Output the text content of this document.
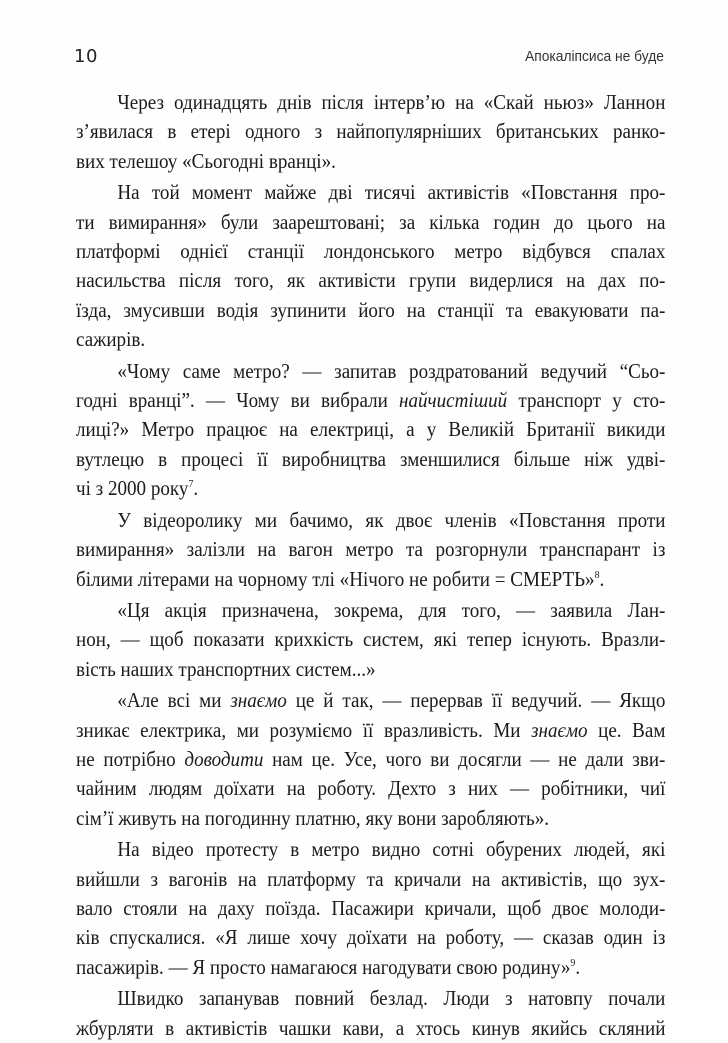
10	Апокаліпсиса не буде

Через одинадцять днів після інтерв’ю на «Скай ньюз» Ланнон
з’явилася в етері одного з найпопулярніших британських ранко-
вих телешоу «Сьогодні вранці».

На той момент майже дві тисячі активістів «Повстання про-
ти вимирання» були заарештовані; за кілька годин до цього на
платформі однієї станції лондонського метро відбувся спалах
насильства після того, як активісти групи видерлися на дах по-
їзда, змусивши водія зупинити його на станції та евакуювати па-
сажирів.

«Чому саме метро? — запитав роздратований ведучий “Сьо-
годні вранці”. — Чому ви вибрали найчистіший транспорт у сто-
лиці?» Метро працює на електриці, а у Великій Британії викиди
вутлецю в процесі її виробництва зменшилися більше ніж удві-
чі з 2000 року$^7$.

У відеоролику ми бачимо, як двоє членів «Повстання проти
вимирання» залізли на вагон метро та розгорнули транспарант із
білими літерами на чорному тлі «Нічого не робити = СМЕРТЬ»$^8$.

«Ця акція призначена, зокрема, для того, — заявила Лан-
нон, — щоб показати крихкість систем, які тепер існують. Вразли-
вість наших транспортних систем...»

«Але всі ми знаємо це й так, — перервав її ведучий. — Якщо
зникає електрика, ми розуміємо її вразливість. Ми знаємо це. Вам
не потрібно доводити нам це. Усе, чого ви досягли — не дали зви-
чайним людям доїхати на роботу. Дехто з них — робітники, чиї
сім’ї живуть на погодинну платню, яку вони заробляють».

На відео протесту в метро видно сотні обурених людей, які
вийшли з вагонів на платформу та кричали на активістів, що зух-
вало стояли на даху поїзда. Пасажири кричали, щоб двоє молоди-
ків спускалися. «Я лише хочу доїхати на роботу, — сказав один із
пасажирів. — Я просто намагаюся нагодувати свою родину»$^9$.

Швидко запанував повний безлад. Люди з натовпу почали
жбурляти в активістів чашки кави, а хтось кинув якийсь скляний
